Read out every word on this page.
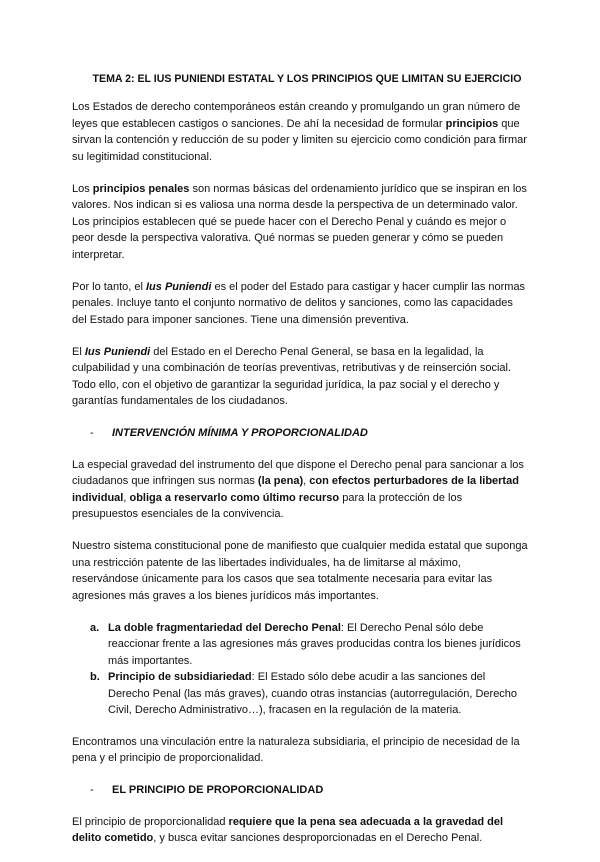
TEMA 2: EL IUS PUNIENDI ESTATAL Y LOS PRINCIPIOS QUE LIMITAN SU EJERCICIO

Los Estados de derecho contemporáneos están creando y promulgando un gran número de leyes que establecen castigos o sanciones. De ahí la necesidad de formular principios que sirvan la contención y reducción de su poder y limiten su ejercicio como condición para firmar su legitimidad constitucional.

Los principios penales son normas básicas del ordenamiento jurídico que se inspiran en los valores. Nos indican si es valiosa una norma desde la perspectiva de un determinado valor. Los principios establecen qué se puede hacer con el Derecho Penal y cuándo es mejor o peor desde la perspectiva valorativa. Qué normas se pueden generar y cómo se pueden interpretar.

Por lo tanto, el Ius Puniendi es el poder del Estado para castigar y hacer cumplir las normas penales. Incluye tanto el conjunto normativo de delitos y sanciones, como las capacidades del Estado para imponer sanciones. Tiene una dimensión preventiva.

El Ius Puniendi del Estado en el Derecho Penal General, se basa en la legalidad, la culpabilidad y una combinación de teorías preventivas, retributivas y de reinserción social. Todo ello, con el objetivo de garantizar la seguridad jurídica, la paz social y el derecho y garantías fundamentales de los ciudadanos.

-	INTERVENCIÓN MÍNIMA Y PROPORCIONALIDAD

La especial gravedad del instrumento del que dispone el Derecho penal para sancionar a los ciudadanos que infringen sus normas (la pena), con efectos perturbadores de la libertad individual, obliga a reservarlo como último recurso para la protección de los presupuestos esenciales de la convivencia.

Nuestro sistema constitucional pone de manifiesto que cualquier medida estatal que suponga una restricción patente de las libertades individuales, ha de limitarse al máximo, reservándose únicamente para los casos que sea totalmente necesaria para evitar las agresiones más graves a los bienes jurídicos más importantes.

a. La doble fragmentariedad del Derecho Penal: El Derecho Penal sólo debe reaccionar frente a las agresiones más graves producidas contra los bienes jurídicos más importantes.
b. Principio de subsidiariedad: El Estado sólo debe acudir a las sanciones del Derecho Penal (las más graves), cuando otras instancias (autorregulación, Derecho Civil, Derecho Administrativo…), fracasen en la regulación de la materia.

Encontramos una vinculación entre la naturaleza subsidiaria, el principio de necesidad de la pena y el principio de proporcionalidad.

-	EL PRINCIPIO DE PROPORCIONALIDAD

El principio de proporcionalidad requiere que la pena sea adecuada a la gravedad del delito cometido, y busca evitar sanciones desproporcionadas en el Derecho Penal.
